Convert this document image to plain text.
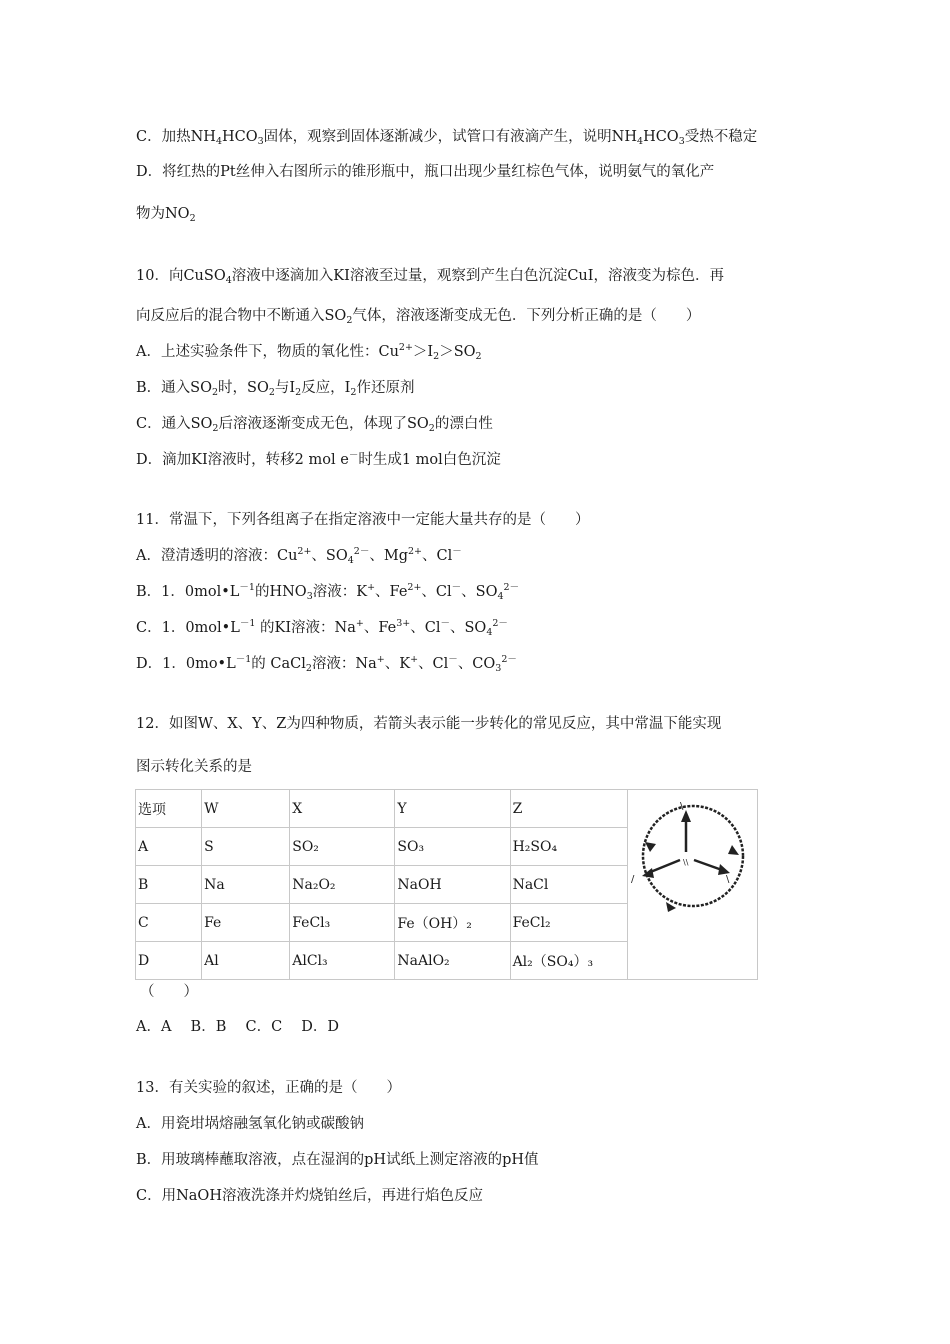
C．加热$NH_4HCO_3$固体，观察到固体逐渐减少，试管口有液滴产生，说明$NH_4HCO_3$受热不稳定
D．将红热的Pt丝伸入右图所示的锥形瓶中，瓶口出现少量红棕色气体，说明氨气的氧化产
物为$NO_2$
10．向CuSO$_4$溶液中逐滴加入KI溶液至过量，观察到产生白色沉淀CuI，溶液变为棕色．再
向反应后的混合物中不断通入$SO_2$气体，溶液逐渐变成无色．下列分析正确的是（　　）
A．上述实验条件下，物质的氧化性：$Cu^{2+}>I_2>SO_2$
B．通入$SO_2$时，$SO_2$与$I_2$反应，$I_2$作还原剂
C．通入$SO_2$后溶液逐渐变成无色，体现了$SO_2$的漂白性
D．滴加KI溶液时，转移2 mol e－时生成1 mol白色沉淀
11．常温下，下列各组离子在指定溶液中一定能大量共存的是（　　）
A．澄清透明的溶液：$Cu^{2+}$、$SO_4^{2-}$、$Mg^{2+}$、Cl－
B．1．$0mol•L^{-1}$的$HNO_3$溶液：K+、$Fe^{2+}$、Cl－、$SO_4^{2-}$
C．1．$0mol•L^{-1}$ 的KI溶液：Na+、$Fe^{3+}$、Cl－、$SO_4^{2-}$
D．1．$0mo•L^{-1}$的 CaCl$_2$溶液：Na+、K+、Cl－、$CO_3^{2-}$
12．如图W、X、Y、Z为四种物质，若箭头表示能一步转化的常见反应，其中常温下能实现
图示转化关系的是
选项	W	X	Y	Z	\
\\
/ \

A	S	SO₂	SO₃	H₂SO₄	
B	Na	Na₂O₂	NaOH	NaCl	
C	Fe	FeCl₃	Fe（OH）₂	FeCl₂	
D	Al	AlCl₃	NaAlO₂	Al₂（SO₄）₃	
（　　）
A．A　 B．B　 C．C　 D．D
13．有关实验的叙述，正确的是（　　）
A．用瓷坩埚熔融氢氧化钠或碳酸钠
B．用玻璃棒蘸取溶液，点在湿润的pH试纸上测定溶液的pH值
C．用NaOH溶液洗涤并灼烧铂丝后，再进行焰色反应
